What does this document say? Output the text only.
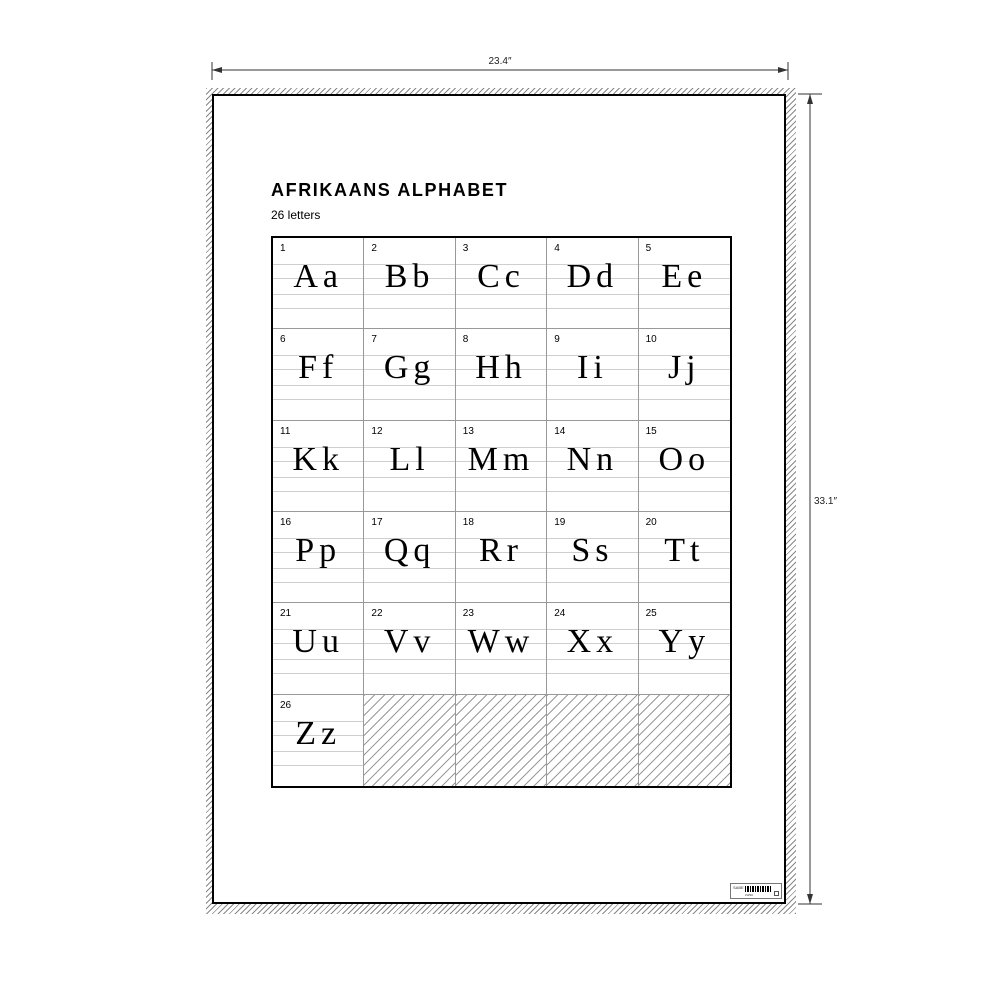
23.4″
33.1″
AFRIKAANS ALPHABET
26 letters
1
Aa
2
Bb
3
Cc
4
Dd
5
Ee
6
Ff
7
Gg
8
Hh
9
Ii
10
Jj
11
Kk
12
Ll
13
Mm
14
Nn
15
Oo
16
Pp
17
Qq
18
Rr
19
Ss
20
Tt
21
Uu
22
Vv
23
Ww
24
Xx
25
Yy
26
Zz
SABE
LWS0
